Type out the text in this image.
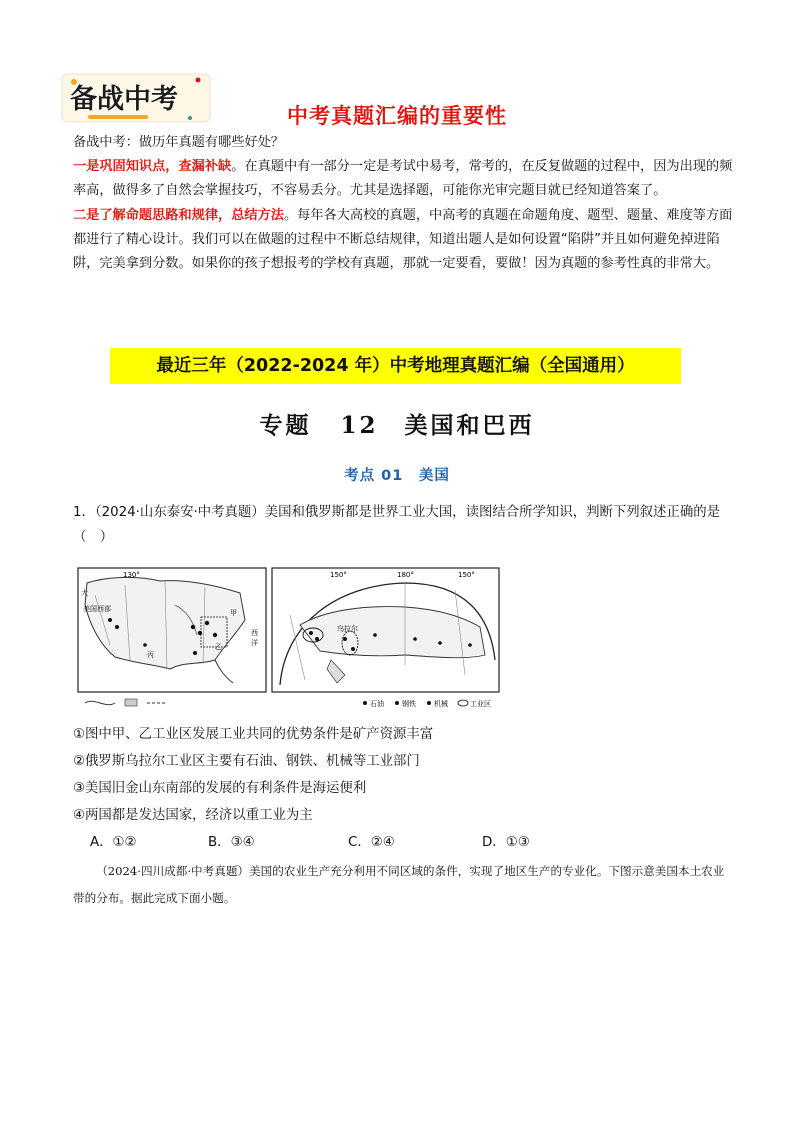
备战中考
中考真题汇编的重要性

备战中考：做历年真题有哪些好处？

一是巩固知识点，查漏补缺。在真题中有一部分一定是考试中易考，常考的，在反复做题的过程中，因为出现的频率高，做得多了自然会掌握技巧，不容易丢分。尤其是选择题，可能你光审完题目就已经知道答案了。

二是了解命题思路和规律，总结方法。每年各大高校的真题，中高考的真题在命题角度、题型、题量、难度等方面都进行了精心设计。我们可以在做题的过程中不断总结规律，知道出题人是如何设置“陷阱”并且如何避免掉进陷阱，完美拿到分数。如果你的孩子想报考的学校有真题，那就一定要看，要做！因为真题的参考性真的非常大。

最近三年（2022-2024 年）中考地理真题汇编（全国通用）
专题 12　美国和巴西
考点 01　美国

1．（2024·山东泰安·中考真题）美国和俄罗斯都是世界工业大国，读图结合所学知识，判断下列叙述正确的是（　）

130°
大
美国西部	甲
乙
丙
西
洋
150°	180°	150°
乌拉尔
石油	钢铁	机械	工业区

①图中甲、乙工业区发展工业共同的优势条件是矿产资源丰富

②俄罗斯乌拉尔工业区主要有石油、钢铁、机械等工业部门

③美国旧金山东南部的发展的有利条件是海运便利

④两国都是发达国家，经济以重工业为主

A．①②	B．③④	C．②④	D．①③

（2024·四川成都·中考真题）美国的农业生产充分利用不同区域的条件，实现了地区生产的专业化。下图示意美国本土农业带的分布。据此完成下面小题。
